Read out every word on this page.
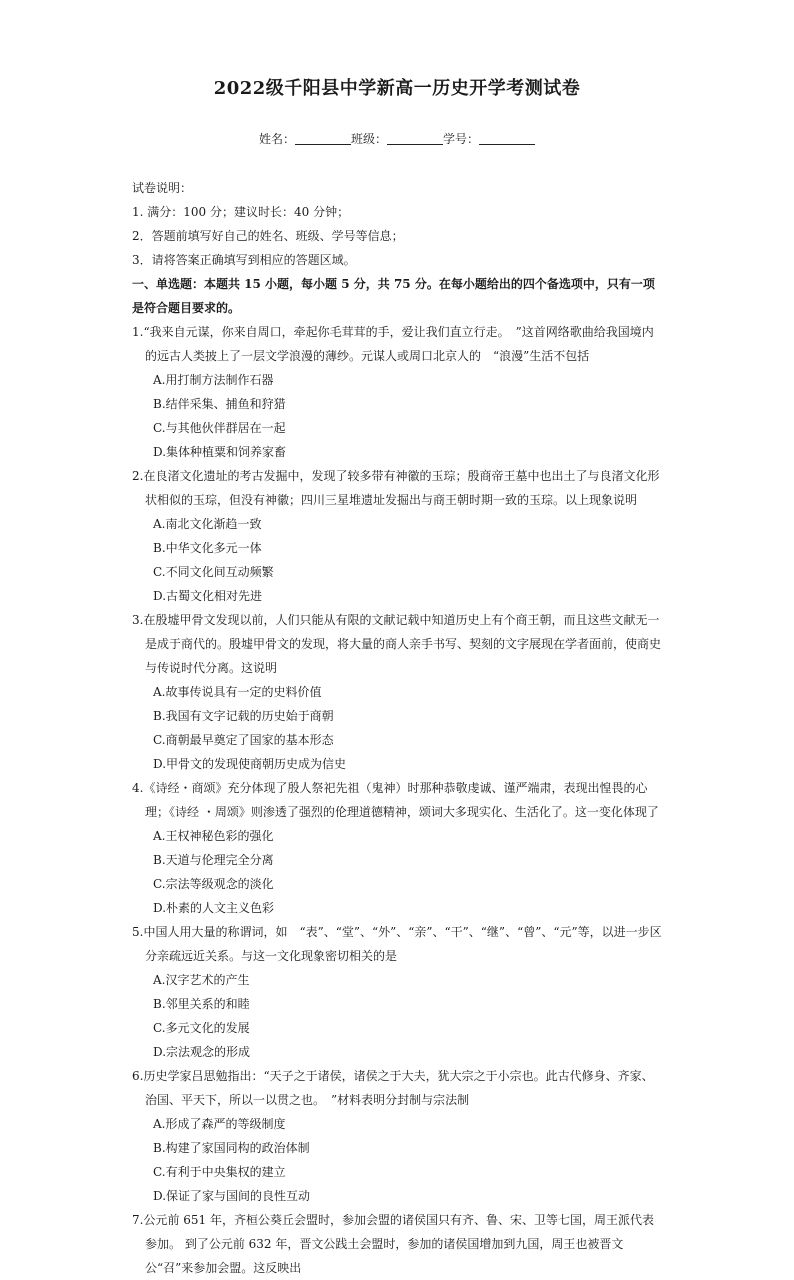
2022级千阳县中学新高一历史开学考测试卷
姓名：	班级：	学号：
试卷说明：
1. 满分：100 分；建议时长：40 分钟；
2．答题前填写好自己的姓名、班级、学号等信息；
3．请将答案正确填写到相应的答题区域。
一、单选题：本题共 15 小题，每小题 5 分，共 75 分。在每小题给出的四个备选项中，只有一项是符合题目要求的。
1.“我来自元谋，你来自周口，牵起你毛茸茸的手，爱让我们直立行走。　”这首网络歌曲给我国境内的远古人类披上了一层文学浪漫的薄纱。元谋人或周口北京人的　“浪漫”生活不包括
A.用打制方法制作石器
B.结伴采集、捕鱼和狩猎
C.与其他伙伴群居在一起
D.集体种植粟和饲养家畜
2.在良渚文化遗址的考古发掘中，发现了较多带有神徽的玉琮；殷商帝王墓中也出土了与良渚文化形状相似的玉琮，但没有神徽；四川三星堆遗址发掘出与商王朝时期一致的玉琮。以上现象说明
A.南北文化渐趋一致
B.中华文化多元一体
C.不同文化间互动频繁
D.古蜀文化相对先进
3.在殷墟甲骨文发现以前，人们只能从有限的文献记载中知道历史上有个商王朝，而且这些文献无一是成于商代的。殷墟甲骨文的发现，将大量的商人亲手书写、契刻的文字展现在学者面前，使商史与传说时代分离。这说明
A.故事传说具有一定的史料价值
B.我国有文字记载的历史始于商朝
C.商朝最早奠定了国家的基本形态
D.甲骨文的发现使商朝历史成为信史
4.《诗经・商颂》充分体现了殷人祭祀先祖（鬼神）时那种恭敬虔诚、谨严端肃，表现出惶畏的心理；《诗经 ・周颂》则渗透了强烈的伦理道德精神，颂词大多现实化、生活化了。这一变化体现了
A.王权神秘色彩的强化
B.天道与伦理完全分离
C.宗法等级观念的淡化
D.朴素的人文主义色彩
5.中国人用大量的称谓词，如　“表”、“堂”、“外”、“亲”、“干”、“继”、“曾”、“元”等，以进一步区分亲疏远近关系。与这一文化现象密切相关的是
A.汉字艺术的产生
B.邻里关系的和睦
C.多元文化的发展
D.宗法观念的形成
6.历史学家吕思勉指出：“天子之于诸侯，诸侯之于大夫，犹大宗之于小宗也。此古代修身、齐家、治国、平天下，所以一以贯之也。　”材料表明分封制与宗法制
A.形成了森严的等级制度
B.构建了家国同构的政治体制
C.有利于中央集权的建立
D.保证了家与国间的良性互动
7.公元前 651 年，齐桓公葵丘会盟时，参加会盟的诸侯国只有齐、鲁、宋、卫等七国，周王派代表参加。 到了公元前 632 年，晋文公践土会盟时，参加的诸侯国增加到九国，周王也被晋文公“召”来参加会盟。这反映出
